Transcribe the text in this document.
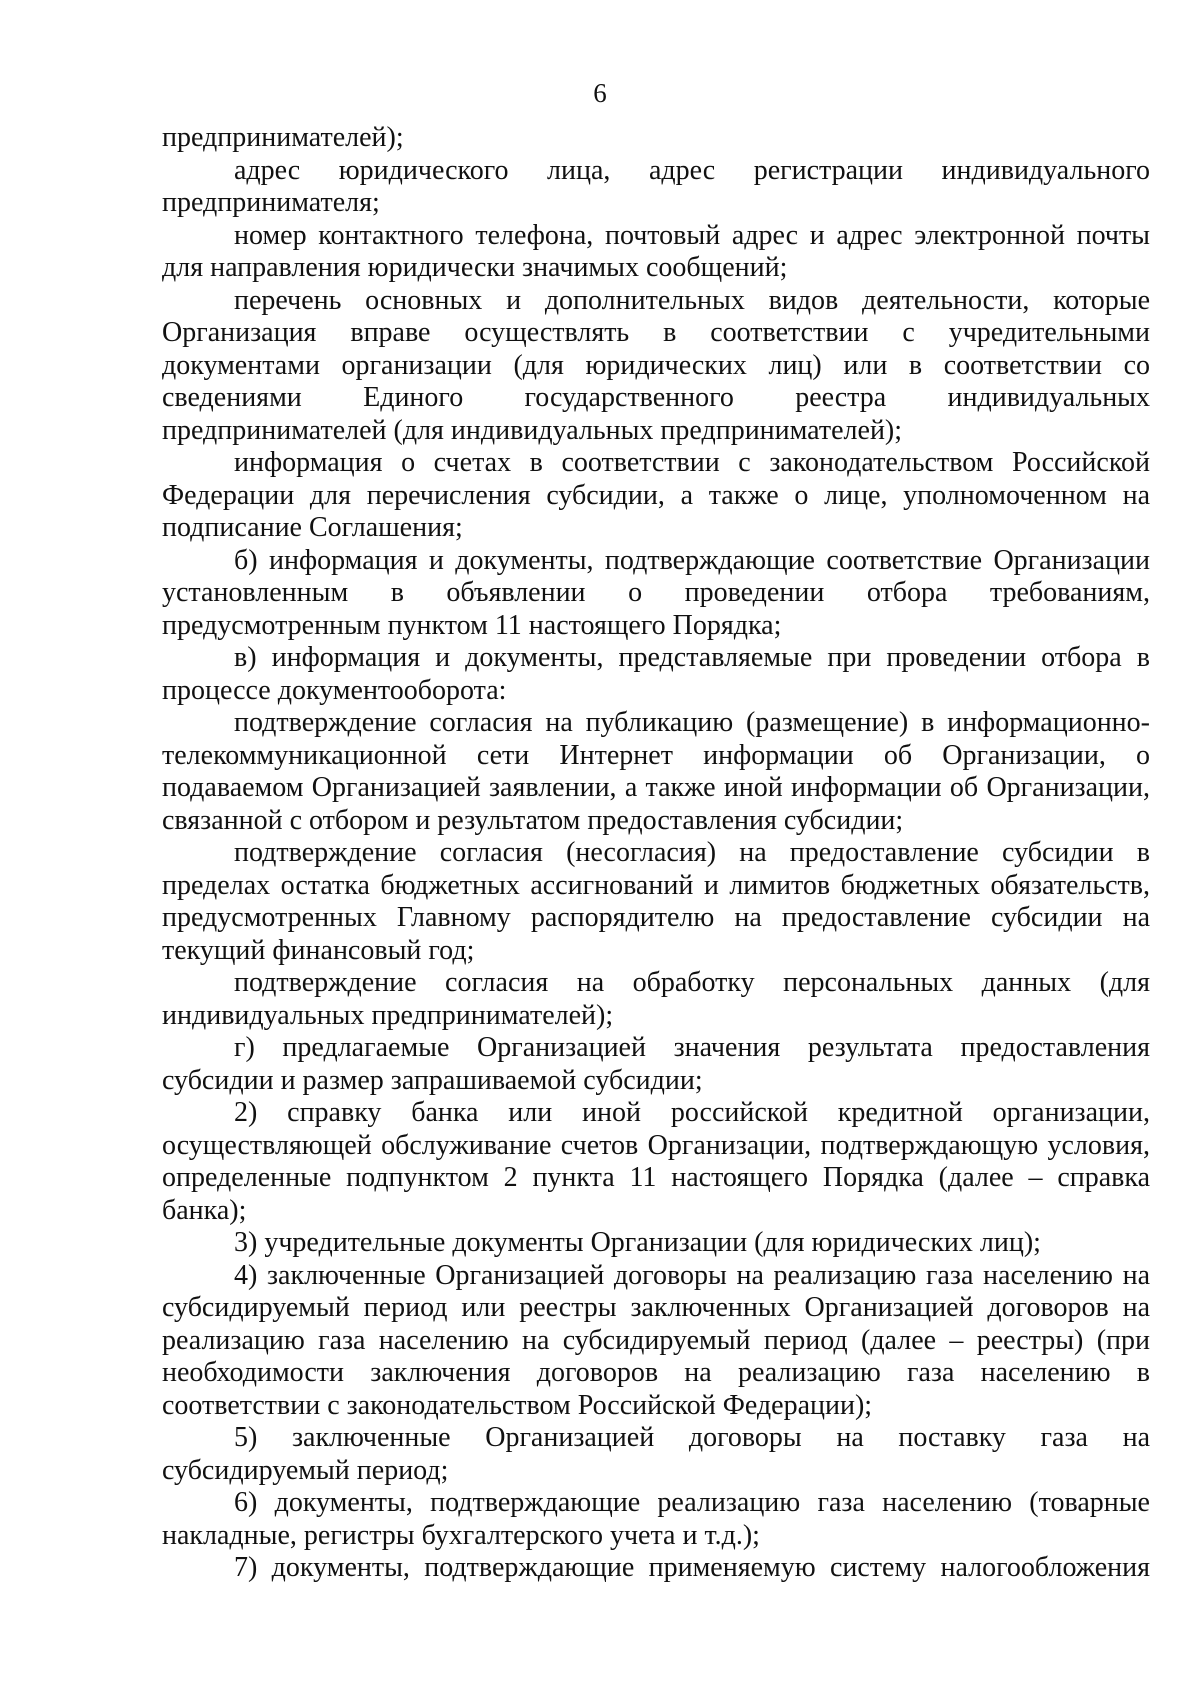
6

предпринимателей);

адрес юридического лица, адрес регистрации индивидуального предпринимателя;

номер контактного телефона, почтовый адрес и адрес электронной почты для направления юридически значимых сообщений;

перечень основных и дополнительных видов деятельности, которые Организация вправе осуществлять в соответствии с учредительными документами организации (для юридических лиц) или в соответствии со сведениями Единого государственного реестра индивидуальных предпринимателей (для индивидуальных предпринимателей);

информация о счетах в соответствии с законодательством Российской Федерации для перечисления субсидии, а также о лице, уполномоченном на подписание Соглашения;

б) информация и документы, подтверждающие соответствие Организации установленным в объявлении о проведении отбора требованиям, предусмотренным пунктом 11 настоящего Порядка;

в) информация и документы, представляемые при проведении отбора в процессе документооборота:

подтверждение согласия на публикацию (размещение) в информационно-телекоммуникационной сети Интернет информации об Организации, о подаваемом Организацией заявлении, а также иной информации об Организации, связанной с отбором и результатом предоставления субсидии;

подтверждение согласия (несогласия) на предоставление субсидии в пределах остатка бюджетных ассигнований и лимитов бюджетных обязательств, предусмотренных Главному распорядителю на предоставление субсидии на текущий финансовый год;

подтверждение согласия на обработку персональных данных (для индивидуальных предпринимателей);

г) предлагаемые Организацией значения результата предоставления субсидии и размер запрашиваемой субсидии;

2) справку банка или иной российской кредитной организации, осуществляющей обслуживание счетов Организации, подтверждающую условия, определенные подпунктом 2 пункта 11 настоящего Порядка (далее – справка банка);

3) учредительные документы Организации (для юридических лиц);

4) заключенные Организацией договоры на реализацию газа населению на субсидируемый период или реестры заключенных Организацией договоров на реализацию газа населению на субсидируемый период (далее – реестры) (при необходимости заключения договоров на реализацию газа населению в соответствии с законодательством Российской Федерации);

5) заключенные Организацией договоры на поставку газа на субсидируемый период;

6) документы, подтверждающие реализацию газа населению (товарные накладные, регистры бухгалтерского учета и т.д.);

7) документы, подтверждающие применяемую систему налогообложения
